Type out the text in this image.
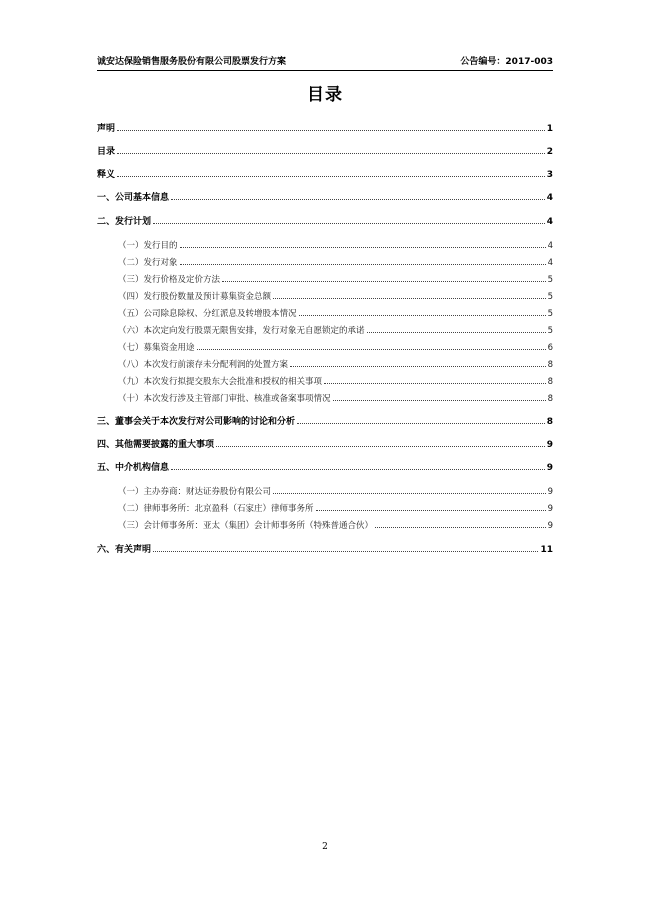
诚安达保险销售服务股份有限公司股票发行方案	公告编号：2017-003
目录
声明	1
目录	2
释义	3
一、公司基本信息	4
二、发行计划	4
（一）发行目的	4
（二）发行对象	4
（三）发行价格及定价方法	5
（四）发行股份数量及预计募集资金总额	5
（五）公司除息除权、分红派息及转增股本情况	5
（六）本次定向发行股票无限售安排，发行对象无自愿锁定的承诺	5
（七）募集资金用途	6
（八）本次发行前滚存未分配利润的处置方案	8
（九）本次发行拟提交股东大会批准和授权的相关事项	8
（十）本次发行涉及主管部门审批、核准或备案事项情况	8
三、董事会关于本次发行对公司影响的讨论和分析	8
四、其他需要披露的重大事项	9
五、中介机构信息	9
（一）主办券商：财达证券股份有限公司	9
（二）律师事务所：北京盈科（石家庄）律师事务所	9
（三）会计师事务所：亚太（集团）会计师事务所（特殊普通合伙）	9
六、有关声明	11
2
